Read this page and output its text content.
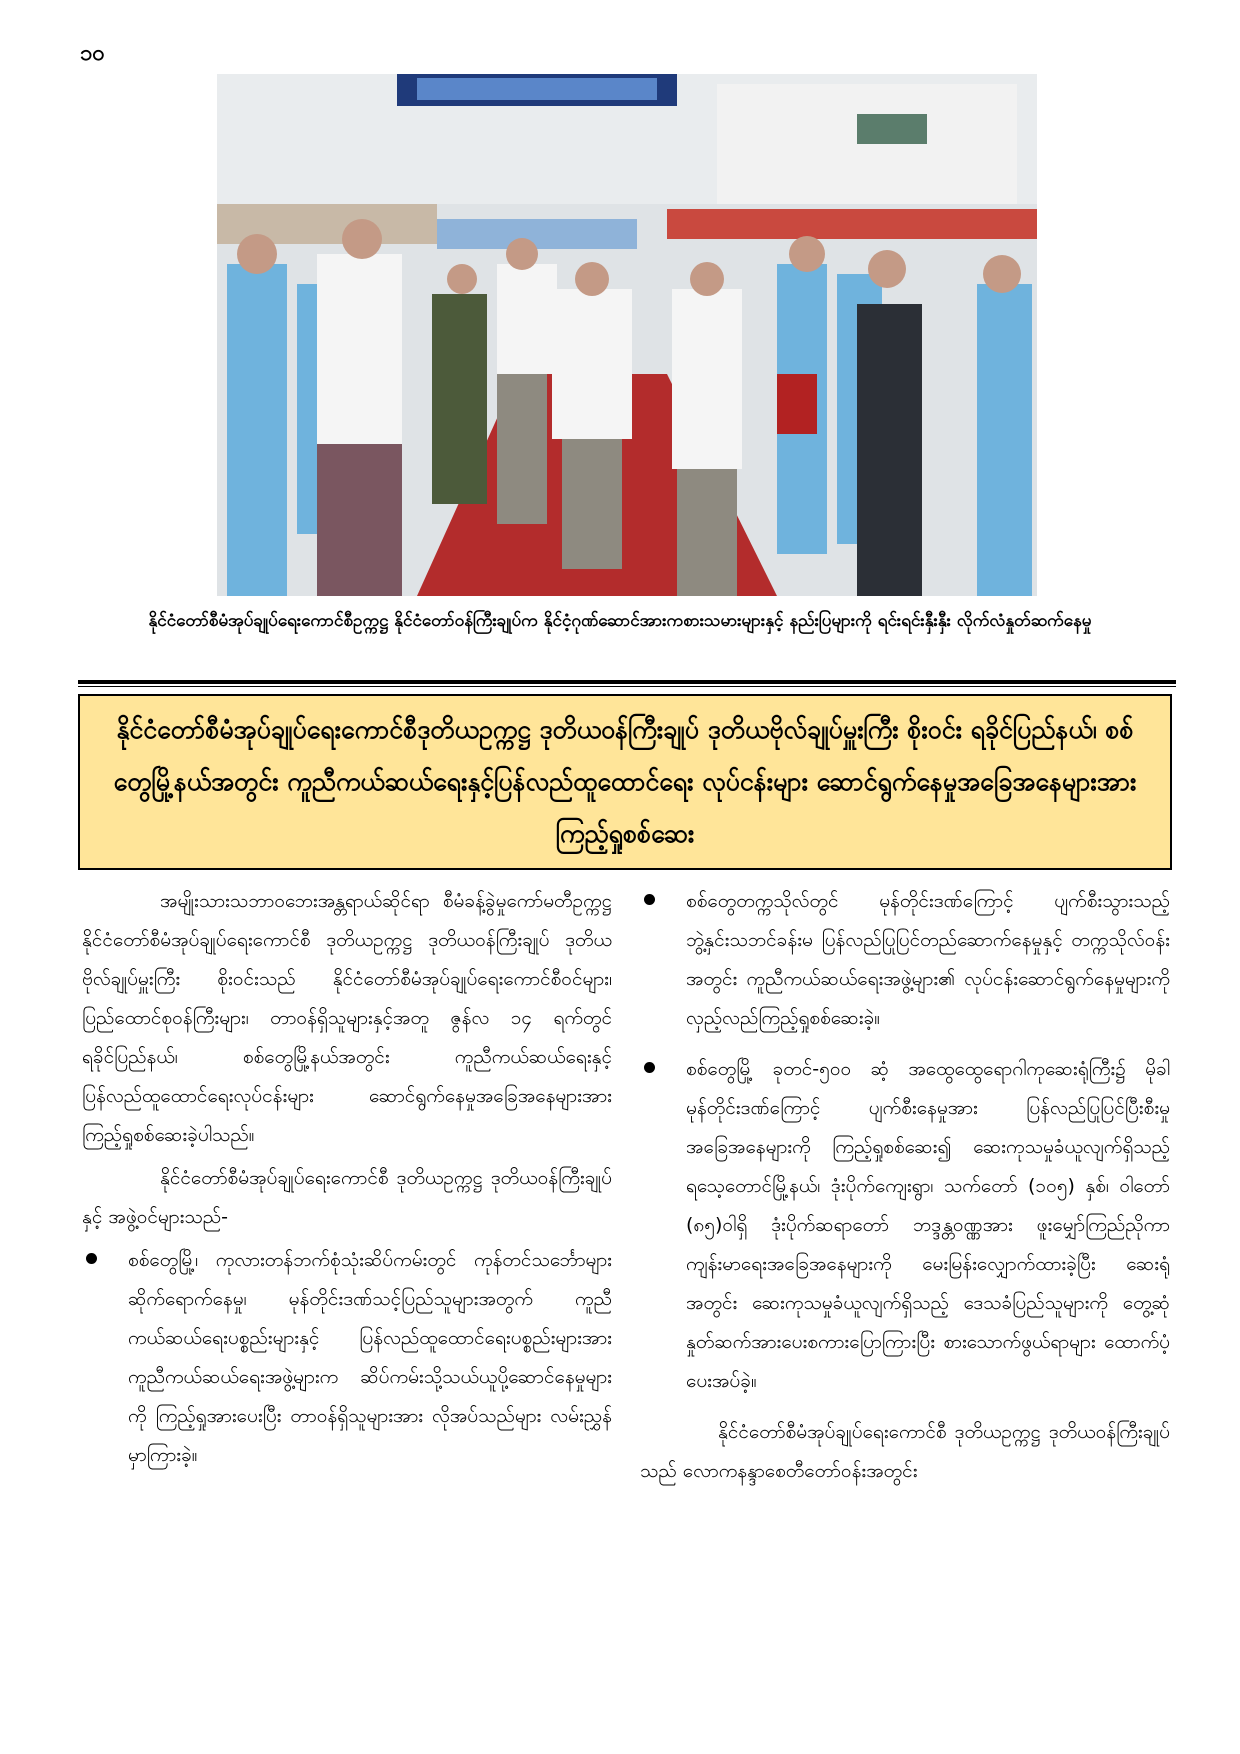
၁၀
နိုင်ငံတော်စီမံအုပ်ချုပ်ရေးကောင်စီဥက္ကဋ္ဌ နိုင်ငံတော်ဝန်ကြီးချုပ်က နိုင်ငံ့ဂုဏ်ဆောင်အားကစားသမားများနှင့် နည်းပြများကို ရင်းရင်းနှီးနှီး လိုက်လံနှုတ်ဆက်နေမှု
နိုင်ငံတော်စီမံအုပ်ချုပ်ရေးကောင်စီဒုတိယဥက္ကဋ္ဌ ဒုတိယဝန်ကြီးချုပ် ဒုတိယဗိုလ်ချုပ်မှူးကြီး စိုးဝင်း ရခိုင်ပြည်နယ်၊ စစ်တွေမြို့နယ်အတွင်း ကူညီကယ်ဆယ်ရေးနှင့်ပြန်လည်ထူထောင်ရေး လုပ်ငန်းများ ဆောင်ရွက်နေမှုအခြေအနေများအား ကြည့်ရှုစစ်ဆေး

အမျိုးသားသဘာဝဘေးအန္တရာယ်ဆိုင်ရာ စီမံခန့်ခွဲမှုကော်မတီဥက္ကဋ္ဌ နိုင်ငံတော်စီမံအုပ်ချုပ်ရေးကောင်စီ ဒုတိယဥက္ကဋ္ဌ ဒုတိယဝန်ကြီးချုပ် ဒုတိယဗိုလ်ချုပ်မှူးကြီး စိုးဝင်းသည် နိုင်ငံတော်စီမံအုပ်ချုပ်ရေးကောင်စီဝင်များ၊ ပြည်ထောင်စုဝန်ကြီးများ၊ တာဝန်ရှိသူများနှင့်အတူ ဇွန်လ ၁၄ ရက်တွင် ရခိုင်ပြည်နယ်၊ စစ်တွေမြို့နယ်အတွင်း ကူညီကယ်ဆယ်ရေးနှင့် ပြန်လည်ထူထောင်ရေးလုပ်ငန်းများ ဆောင်ရွက်နေမှုအခြေအနေများအား ကြည့်ရှုစစ်ဆေးခဲ့ပါသည်။

နိုင်ငံတော်စီမံအုပ်ချုပ်ရေးကောင်စီ ဒုတိယဥက္ကဋ္ဌ ဒုတိယဝန်ကြီးချုပ်နှင့် အဖွဲ့ဝင်များသည်-

စစ်တွေမြို့၊ ကုလားတန်ဘက်စုံသုံးဆိပ်ကမ်းတွင် ကုန်တင်သင်္ဘောများ ဆိုက်ရောက်နေမှု၊ မုန်တိုင်းဒဏ်သင့်ပြည်သူများအတွက် ကူညီကယ်ဆယ်ရေးပစ္စည်းများနှင့် ပြန်လည်ထူထောင်ရေးပစ္စည်းများအား ကူညီကယ်ဆယ်ရေးအဖွဲ့များက ဆိပ်ကမ်းသို့သယ်ယူပို့ဆောင်နေမှုများကို ကြည့်ရှုအားပေးပြီး တာဝန်ရှိသူများအား လိုအပ်သည်များ လမ်းညွှန်မှာကြားခဲ့။
စစ်တွေတက္ကသိုလ်တွင် မုန်တိုင်းဒဏ်ကြောင့် ပျက်စီးသွားသည့် ဘွဲ့နှင်းသဘင်ခန်းမ ပြန်လည်ပြုပြင်တည်ဆောက်နေမှုနှင့် တက္ကသိုလ်ဝန်းအတွင်း ကူညီကယ်ဆယ်ရေးအဖွဲ့များ၏ လုပ်ငန်းဆောင်ရွက်နေမှုများကို လှည့်လည်ကြည့်ရှုစစ်ဆေးခဲ့။
စစ်တွေမြို့ ခုတင်-၅၀၀ ဆံ့ အထွေထွေရောဂါကုဆေးရုံကြီး၌ မိုခါမုန်တိုင်းဒဏ်ကြောင့် ပျက်စီးနေမှုအား ပြန်လည်ပြုပြင်ပြီးစီးမှု အခြေအနေများကို ကြည့်ရှုစစ်ဆေး၍ ဆေးကုသမှုခံယူလျက်ရှိသည့် ရသေ့တောင်မြို့နယ်၊ ဒုံးပိုက်ကျေးရွာ၊ သက်တော် (၁၀၅) နှစ်၊ ဝါတော် (၈၅)ဝါရှိ ဒုံးပိုက်ဆရာတော် ဘဒ္ဒန္တဝဏ္ဏအား ဖူးမျှော်ကြည်ညိုကာ ကျန်းမာရေးအခြေအနေများကို မေးမြန်းလျှောက်ထားခဲ့ပြီး ဆေးရုံအတွင်း ဆေးကုသမှုခံယူလျက်ရှိသည့် ဒေသခံပြည်သူများကို တွေ့ဆုံနှုတ်ဆက်အားပေးစကားပြောကြားပြီး စားသောက်ဖွယ်ရာများ ထောက်ပံ့ပေးအပ်ခဲ့။

နိုင်ငံတော်စီမံအုပ်ချုပ်ရေးကောင်စီ ဒုတိယဥက္ကဋ္ဌ ဒုတိယဝန်ကြီးချုပ်သည် လောကနန္ဒာစေတီတော်ဝန်းအတွင်း
